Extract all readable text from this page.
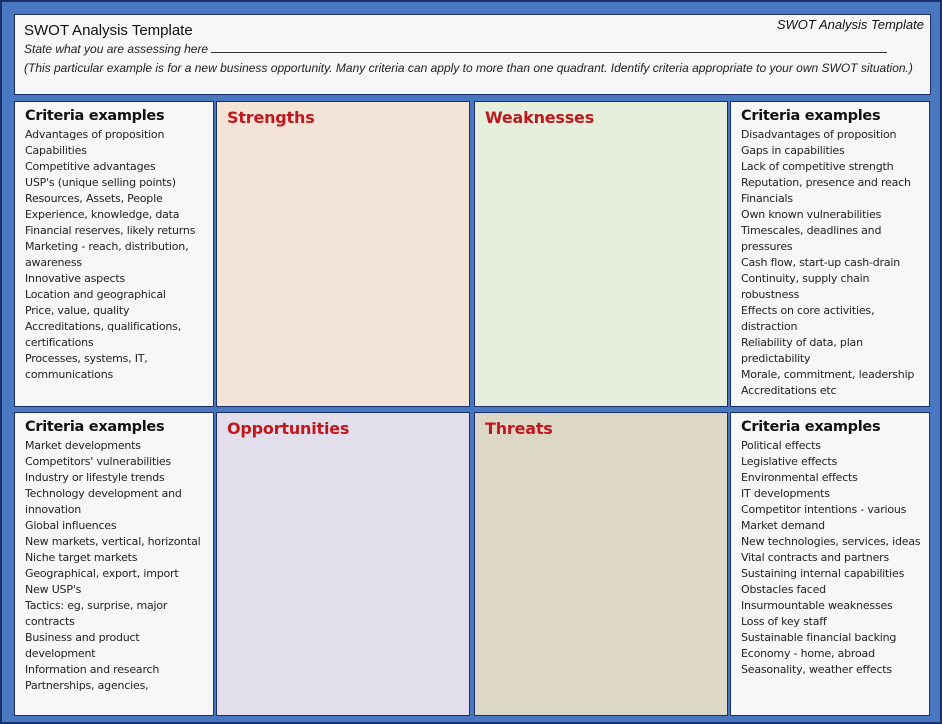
SWOT Analysis Template	SWOT Analysis Template
State what you are assessing here
(This particular example is for a new business opportunity. Many criteria can apply to more than one quadrant. Identify criteria appropriate to your own SWOT situation.)
Criteria examples
Advantages of proposition
Capabilities
Competitive advantages
USP's (unique selling points)
Resources, Assets, People
Experience, knowledge, data
Financial reserves, likely returns
Marketing - reach, distribution,
awareness
Innovative aspects
Location and geographical
Price, value, quality
Accreditations, qualifications,
certifications
Processes, systems, IT,
communications
Strengths	Weaknesses	Criteria examples
Disadvantages of proposition
Gaps in capabilities
Lack of competitive strength
Reputation, presence and reach
Financials
Own known vulnerabilities
Timescales, deadlines and
pressures
Cash flow, start-up cash-drain
Continuity, supply chain
robustness
Effects on core activities,
distraction
Reliability of data, plan
predictability
Morale, commitment, leadership
Accreditations etc
Criteria examples
Market developments
Competitors' vulnerabilities
Industry or lifestyle trends
Technology development and
innovation
Global influences
New markets, vertical, horizontal
Niche target markets
Geographical, export, import
New USP's
Tactics: eg, surprise, major
contracts
Business and product
development
Information and research
Partnerships, agencies,
Opportunities	Threats	Criteria examples
Political effects
Legislative effects
Environmental effects
IT developments
Competitor intentions - various
Market demand
New technologies, services, ideas
Vital contracts and partners
Sustaining internal capabilities
Obstacles faced
Insurmountable weaknesses
Loss of key staff
Sustainable financial backing
Economy - home, abroad
Seasonality, weather effects
